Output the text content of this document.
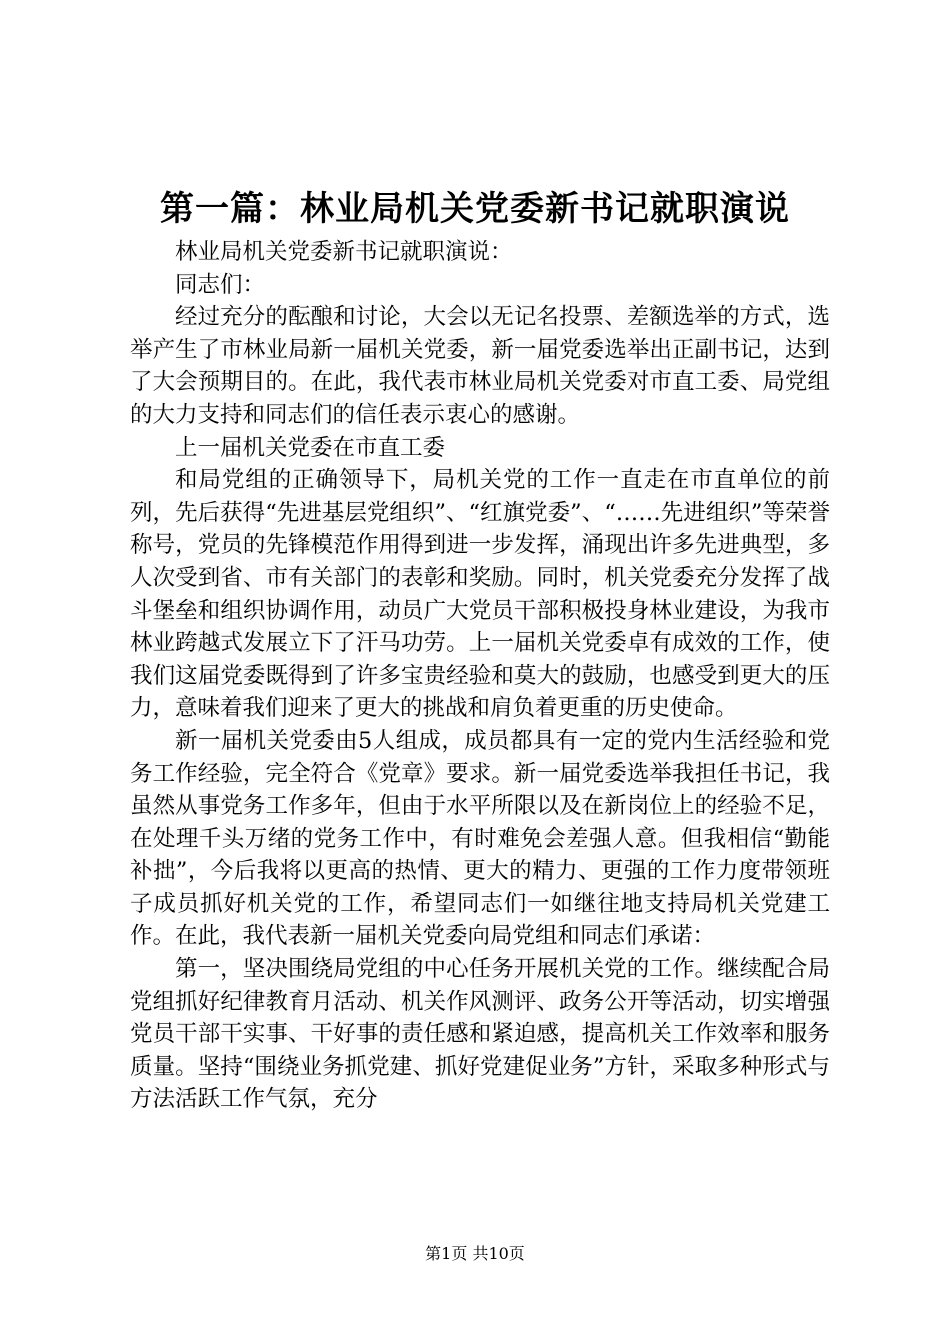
第一篇：林业局机关党委新书记就职演说

林业局机关党委新书记就职演说：

同志们：

经过充分的酝酿和讨论，大会以无记名投票、差额选举的方式，选举产生了市林业局新一届机关党委，新一届党委选举出正副书记，达到了大会预期目的。在此，我代表市林业局机关党委对市直工委、局党组的大力支持和同志们的信任表示衷心的感谢。

上一届机关党委在市直工委

和局党组的正确领导下，局机关党的工作一直走在市直单位的前列，先后获得“先进基层党组织”、“红旗党委”、“……先进组织”等荣誉称号，党员的先锋模范作用得到进一步发挥，涌现出许多先进典型，多人次受到省、市有关部门的表彰和奖励。同时，机关党委充分发挥了战斗堡垒和组织协调作用，动员广大党员干部积极投身林业建设，为我市林业跨越式发展立下了汗马功劳。上一届机关党委卓有成效的工作，使我们这届党委既得到了许多宝贵经验和莫大的鼓励，也感受到更大的压力，意味着我们迎来了更大的挑战和肩负着更重的历史使命。

新一届机关党委由5人组成，成员都具有一定的党内生活经验和党务工作经验，完全符合《党章》要求。新一届党委选举我担任书记，我虽然从事党务工作多年，但由于水平所限以及在新岗位上的经验不足，在处理千头万绪的党务工作中，有时难免会差强人意。但我相信“勤能补拙”，今后我将以更高的热情、更大的精力、更强的工作力度带领班子成员抓好机关党的工作，希望同志们一如继往地支持局机关党建工作。在此，我代表新一届机关党委向局党组和同志们承诺：

第一，坚决围绕局党组的中心任务开展机关党的工作。继续配合局党组抓好纪律教育月活动、机关作风测评、政务公开等活动，切实增强党员干部干实事、干好事的责任感和紧迫感，提高机关工作效率和服务质量。坚持“围绕业务抓党建、抓好党建促业务”方针，采取多种形式与方法活跃工作气氛，充分

第1页 共10页
